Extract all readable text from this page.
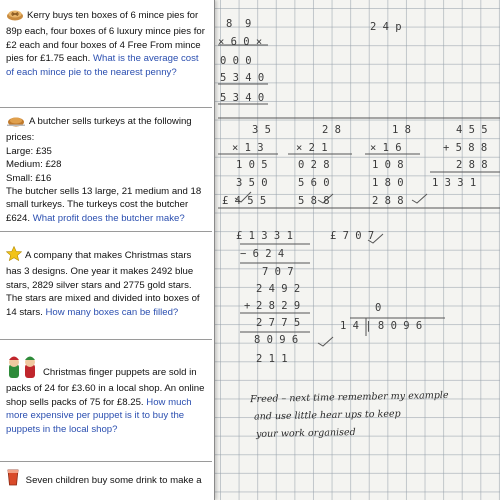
Kerry buys ten boxes of 6 mince pies for 89p each, four boxes of 6 luxury mince pies for £2 each and four boxes of 4 Free From mince pies for £1.75 each. What is the average cost of each mince pie to the nearest penny?

A butcher sells turkeys at the following prices:

Large: £35

Medium: £28

Small: £16

The butcher sells 13 large, 21 medium and 18 small turkeys. The turkeys cost the butcher £624. What profit does the butcher make?

A company that makes Christmas stars has 3 designs. One year it makes 2492 blue stars, 2829 silver stars and 2775 gold stars. The stars are mixed and divided into boxes of 14 stars. How many boxes can be filled?

Christmas finger puppets are sold in packs of 24 for £3.60 in a local shop. An online shop sells packs of 75 for £8.25. How much more expensive per puppet is it to buy the puppets in the local shop?

Seven children buy some drink to make a

8  9
× 6 0 ×
0 0 0
5 3 4 0
5 3 4 0
2 4 p
3 5
× 1 3
1 0 5
3 5 0
£ 4 5 5
2 8
× 2 1
0 2 8
5 6 0
5 8 8
1 8
× 1 6
1 0 8
1 8 0
2 8 8
4 5 5
+ 5 8 8
2 8 8
1 3 3 1
£ 1 3 3 1
− 6 2 4
7 0 7
£ 7 0 7
2 4 9 2
+ 2 8 2 9
2 7 7 5
8 0 9 6
2 1 1
0
1 4 | 8 0 9 6
Freed – next time remember my example
and use little hear ups to keep
your work organised
